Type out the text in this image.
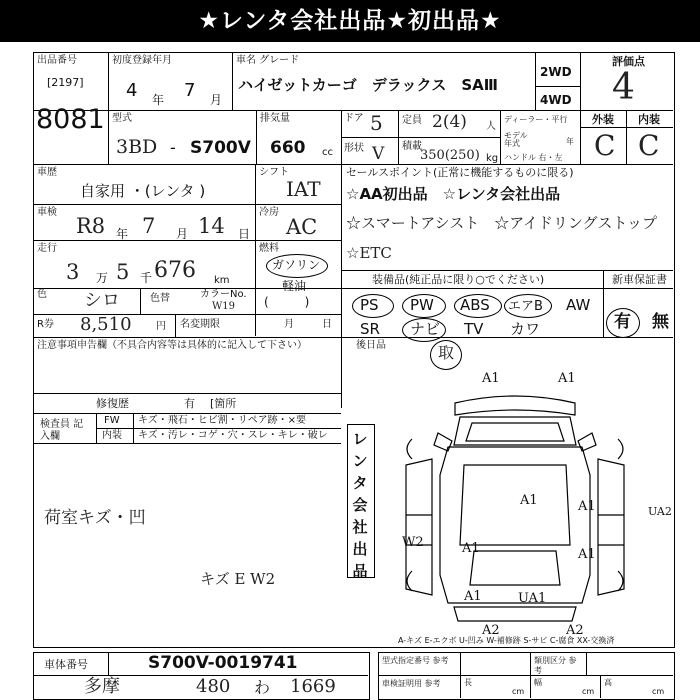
★レンタ会社出品★初出品★
出品番号
[2197]
8081
初度登録年月
4 年 7 月
車名 グレード
ハイゼットカーゴ　デラックス　SAⅢ
2WD
4WD
評価点
4
型式
3BD - S700V
排気量
660 cc
ドア 5
形状 V
定員 2(4) 人
積載
350(250) kg
ディーラー・平行
モデル 年式	年
ハンドル 右・左
外装 内装
C C
車歴
自家用 ・(レンタ )
シフト
IAT
車検
R8 年 7 月 14 日
冷房
AC
走行
3 万 5 千 676 km
燃料
ガソリン
軽油
(　　　)
色 シロ	色替	カラーNo.
W19
R券 8,510 円 名変期限	月	日
セールスポイント(正常に機能するものに限る)
☆AA初出品　☆レンタ会社出品
☆スマートアシスト　☆アイドリングストップ
☆ETC
装備品(純正品に限り○でください)	新車保証書
PS PW ABS エアB AW
SR ナビ TV カワ	有 無
注意事項申告欄（不具合内容等は具体的に記入して下さい）
修復歴	有 [箇所
検査員 記入欄
FW キズ・飛石・ヒビ割・リペア跡・×要
内装 キズ・汚レ・コゲ・穴・スレ・キレ・破レ
荷室キズ・凹
キズ E W2
レンタ会社出品
後日品	取
A1	A1
A1	A1	UA2
W2	A1	A1
A1	UA1
A2	A2
A-キズ E-エクボ U-凹み W-補修跡 S-サビ C-腐食 XX-交換済
車体番号	S700V-0019741
多摩	480 わ 1669
型式指定番号 参考	類別区分 参考
車検証明用 参考	長
cm
幅
cm
高
cm
